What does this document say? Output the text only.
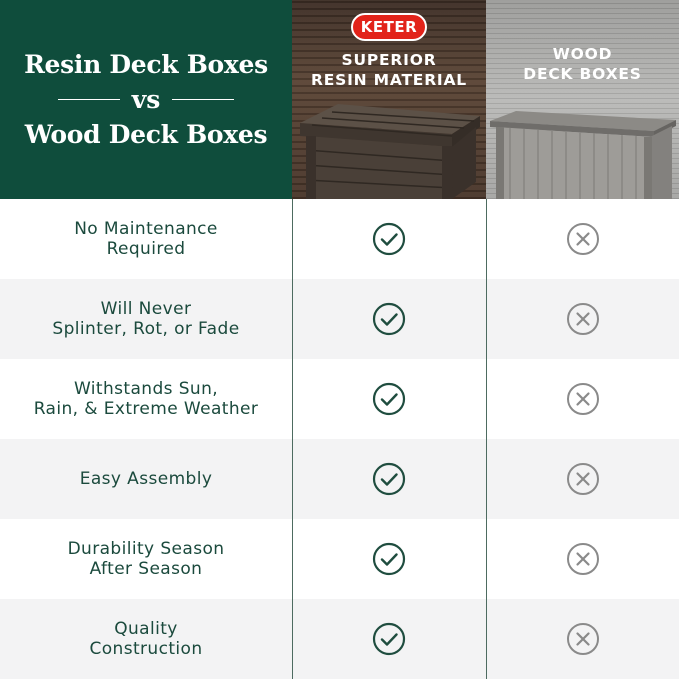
Resin Deck Boxes
vs
Wood Deck Boxes
KETER
SUPERIOR
RESIN MATERIAL
WOOD
DECK BOXES
No Maintenance
Required
Will Never
Splinter, Rot, or Fade
Withstands Sun,
Rain, & Extreme Weather
Easy Assembly
Durability Season
After Season
Quality
Construction
